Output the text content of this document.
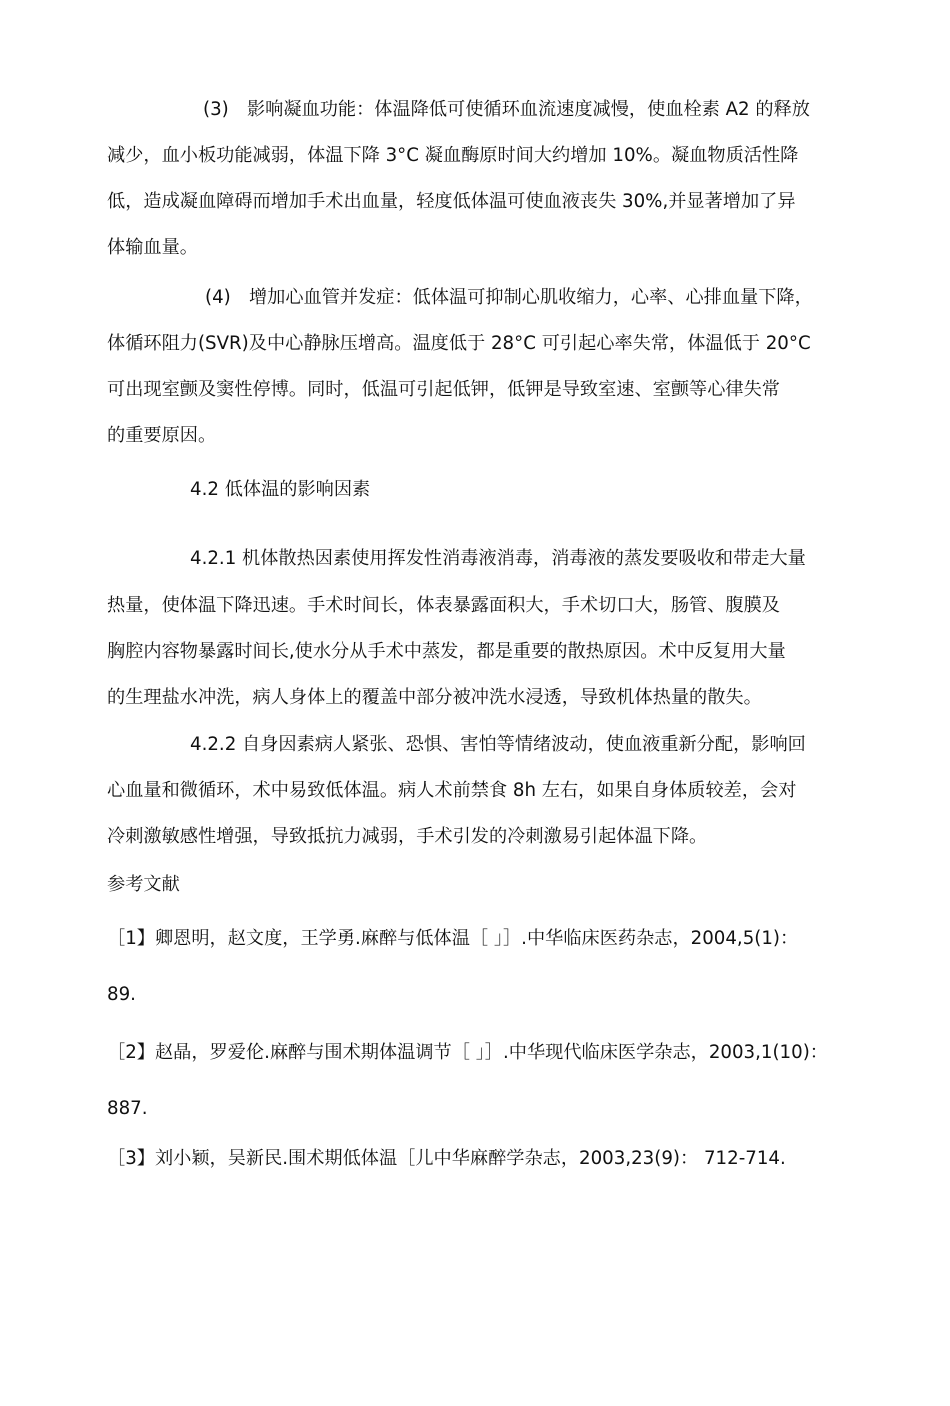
(3)　影响凝血功能：体温降低可使循环血流速度减慢，使血栓素 A2 的释放
减少，血小板功能减弱，体温下降 3°C 凝血酶原时间大约增加 10%。凝血物质活性降
低，造成凝血障碍而增加手术出血量，轻度低体温可使血液丧失 30%,并显著增加了异
体输血量。
(4)　增加心血管并发症：低体温可抑制心肌收缩力，心率、心排血量下降，
体循环阻力(SVR)及中心静脉压增高。温度低于 28°C 可引起心率失常，体温低于 20°C
可出现室颤及窦性停博。同时，低温可引起低钾，低钾是导致室速、室颤等心律失常
的重要原因。
4.2 低体温的影响因素
4.2.1 机体散热因素使用挥发性消毒液消毒，消毒液的蒸发要吸收和带走大量
热量，使体温下降迅速。手术时间长，体表暴露面积大，手术切口大，肠管、腹膜及
胸腔内容物暴露时间长,使水分从手术中蒸发，都是重要的散热原因。术中反复用大量
的生理盐水冲洗，病人身体上的覆盖中部分被冲洗水浸透，导致机体热量的散失。
4.2.2 自身因素病人紧张、恐惧、害怕等情绪波动，使血液重新分配，影响回
心血量和微循环，术中易致低体温。病人术前禁食 8h 左右，如果自身体质较差，会对
冷刺激敏感性增强，导致抵抗力减弱，手术引发的冷刺激易引起体温下降。
参考文献
［1】卿恩明，赵文度，王学勇.麻醉与低体温［ 」］.中华临床医药杂志，2004,5(1)：
89.
［2】赵晶，罗爱伦.麻醉与围术期体温调节［ 」］.中华现代临床医学杂志，2003,1(10)：
887.
［3】刘小颖，吴新民.围术期低体温［儿中华麻醉学杂志，2003,23(9)： 712-714.
